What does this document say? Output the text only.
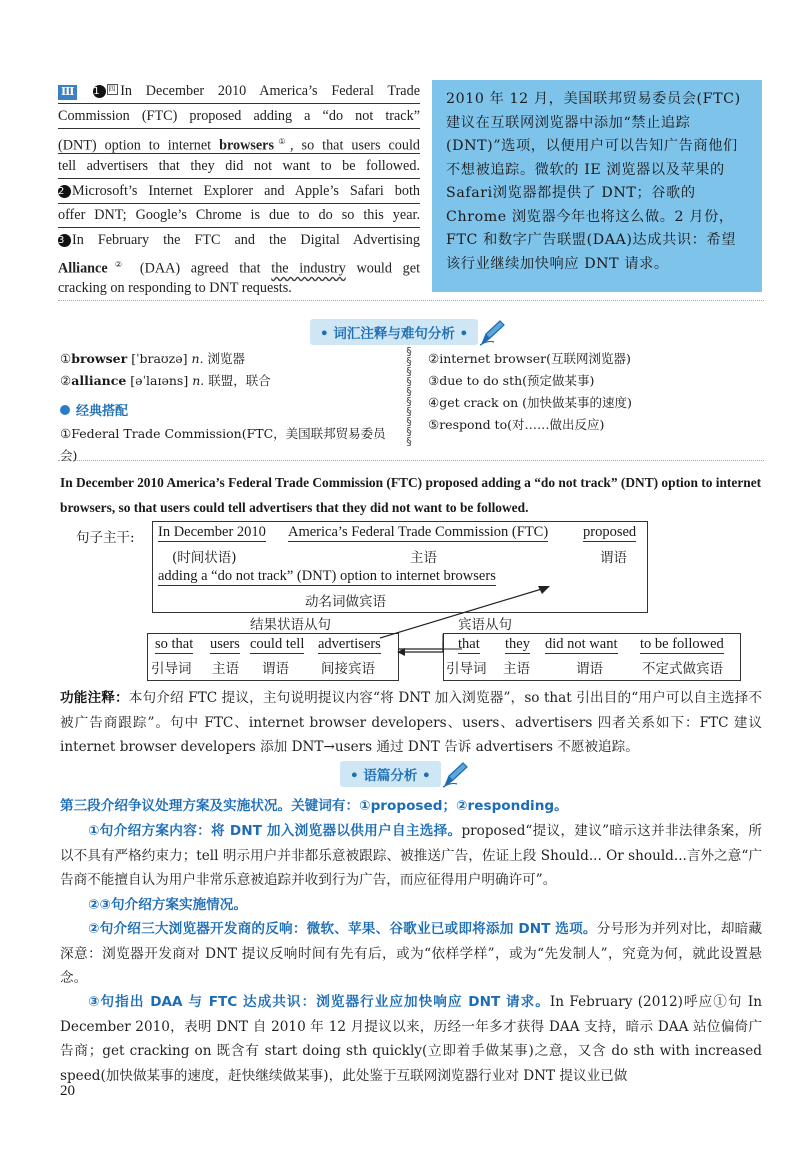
Ⅲ 1 四 In December 2010 America’s Federal Trade
Commission (FTC) proposed adding a “do not track”
(DNT) option to internet browsers①, so that users could
tell advertisers that they did not want to be followed.
2 Microsoft’s Internet Explorer and Apple’s Safari both
offer DNT; Google’s Chrome is due to do so this year.
3 In February the FTC and the Digital Advertising
Alliance② (DAA) agreed that the industry would get
cracking on responding to DNT requests.
2010 年 12 月，美国联邦贸易委员会(FTC)建议在互联网浏览器中添加“禁止追踪(DNT)”选项，以便用户可以告知广告商他们不想被追踪。微软的 IE 浏览器以及苹果的 Safari浏览器都提供了 DNT；谷歌的 Chrome 浏览器今年也将这么做。2 月份，FTC 和数字广告联盟(DAA)达成共识：希望该行业继续加快响应 DNT 请求。
• 词汇注释与难句分析 •
①browser [ˈbraʊzə] n. 浏览器
②alliance [əˈlaɪəns] n. 联盟，联合
经典搭配
①Federal Trade Commission(FTC，美国联邦贸易委员会)
§
§
§
§
§
§
§
§
§
§
②internet browser(互联网浏览器)
③due to do sth(预定做某事)
④get crack on (加快做某事的速度)
⑤respond to(对……做出反应)
In December 2010 America’s Federal Trade Commission (FTC) proposed adding a “do not track” (DNT) option to internet browsers, so that users could tell advertisers that they did not want to be followed.
句子主干: In December 2010
(时间状语)
America’s Federal Trade Commission (FTC)
主语
proposed
谓语
adding a “do not track” (DNT) option to internet browsers
动名词做宾语
结果状语从句	宾语从句
so that
引导词
users
主语
could tell
谓语
advertisers
间接宾语
that
引导词
they
主语
did not want
谓语
to be followed
不定式做宾语
功能注释：本句介绍 FTC 提议，主句说明提议内容“将 DNT 加入浏览器”，so that 引出目的“用户可以自主选择不被广告商跟踪”。句中 FTC、internet browser developers、users、advertisers 四者关系如下：FTC 建议 internet browser developers 添加 DNT→users 通过 DNT 告诉 advertisers 不愿被追踪。
• 语篇分析 •
第三段介绍争议处理方案及实施状况。关键词有：①proposed；②responding。
①句介绍方案内容：将 DNT 加入浏览器以供用户自主选择。proposed“提议，建议”暗示这并非法律条案，所以不具有严格约束力；tell 明示用户并非都乐意被跟踪、被推送广告，佐证上段 Should... Or should...言外之意“广告商不能擅自认为用户非常乐意被追踪并收到行为广告，而应征得用户明确许可”。
②③句介绍方案实施情况。
②句介绍三大浏览器开发商的反响：微软、苹果、谷歌业已或即将添加 DNT 选项。分号形为并列对比，却暗藏深意：浏览器开发商对 DNT 提议反响时间有先有后，或为“依样学样”，或为“先发制人”，究竟为何，就此设置悬念。
③句指出 DAA 与 FTC 达成共识：浏览器行业应加快响应 DNT 请求。In February (2012)呼应①句 In December 2010，表明 DNT 自 2010 年 12 月提议以来，历经一年多才获得 DAA 支持，暗示 DAA 站位偏倚广告商；get cracking on 既含有 start doing sth quickly(立即着手做某事)之意，又含 do sth with increased speed(加快做某事的速度，赶快继续做某事)，此处鉴于互联网浏览器行业对 DNT 提议业已做
20
